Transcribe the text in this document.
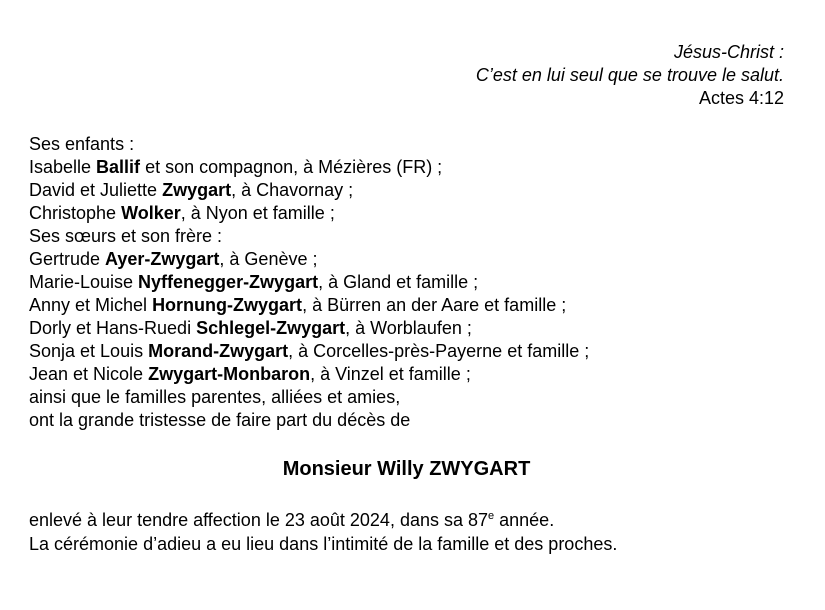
Jésus-Christ :
C’est en lui seul que se trouve le salut.
Actes 4:12
Ses enfants :
Isabelle Ballif et son compagnon, à Mézières (FR) ;
David et Juliette Zwygart, à Chavornay ;
Christophe Wolker, à Nyon et famille ;
Ses sœurs et son frère :
Gertrude Ayer-Zwygart, à Genève ;
Marie-Louise Nyffenegger-Zwygart, à Gland et famille ;
Anny et Michel Hornung-Zwygart, à Bürren an der Aare et famille ;
Dorly et Hans-Ruedi Schlegel-Zwygart, à Worblaufen ;
Sonja et Louis Morand-Zwygart, à Corcelles-près-Payerne et famille ;
Jean et Nicole Zwygart-Monbaron, à Vinzel et famille ;
ainsi que le familles parentes, alliées et amies,
ont la grande tristesse de faire part du décès de
Monsieur Willy ZWYGART
enlevé à leur tendre affection le 23 août 2024, dans sa 87e année.
La cérémonie d’adieu a eu lieu dans l’intimité de la famille et des proches.
